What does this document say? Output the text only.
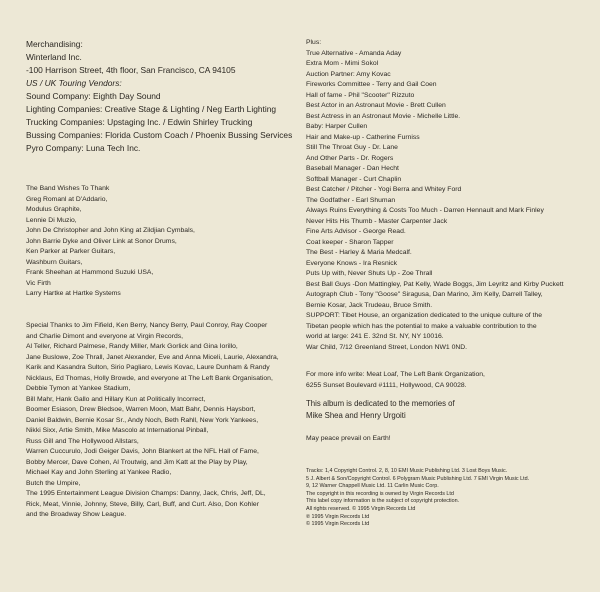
Merchandising:
Winterland Inc.
-100 Harrison Street, 4th floor, San Francisco, CA 94105
US / UK Touring Vendors:
Sound Company: Eighth Day Sound
Lighting Companies: Creative Stage & Lighting / Neg Earth Lighting
Trucking Companies: Upstaging Inc. / Edwin Shirley Trucking
Bussing Companies: Florida Custom Coach / Phoenix Bussing Services
Pyro Company: Luna Tech Inc.
The Band Wishes To Thank
Greg Romanl at D'Addario,
Modulus Graphite,
Lennie Di Muzio,
John De Christopher and John King at Zildjian Cymbals,
John Barrie Dyke and Oliver Link at Sonor Drums,
Ken Parker at Parker Guitars,
Washburn Guitars,
Frank Sheehan at Hammond Suzuki USA,
Vic Firth
Larry Hartke at Hartke Systems
Special Thanks to Jim Fifield, Ken Berry, Nancy Berry, Paul Conroy, Ray Cooper
and Charlie Dimont and everyone at Virgin Records,
Al Teller, Richard Palmese, Randy Miller, Mark Gorlick and Gina Iorillo,
Jane Buslowe, Zoe Thrall, Janet Alexander, Eve and Anna Miceli, Laurie, Alexandra,
Karik and Kasandra Sulton, Sirio Pagliaro, Lewis Kovac, Laure Dunham & Randy
Nicklaus, Ed Thomas, Holly Browde, and everyone at The Left Bank Organisation,
Debbie Tymon at Yankee Stadium,
Bill Mahr, Hank Gallo and Hillary Kun at Politically Incorrect,
Boomer Esiason, Drew Bledsoe, Warren Moon, Matt Bahr, Dennis Haysbort,
Daniel Baldwin, Bernie Kosar Sr., Andy Noch, Beth Rahll, New York Yankees,
Nikki Sixx, Artie Smith, Mike Mascolo at International Pinball,
Russ Gill and The Hollywood Allstars,
Warren Cuccurulo, Jodi Geiger Davis, John Blankert at the NFL Hall of Fame,
Bobby Mercer, Dave Cohen, Al Troutwig, and Jim Katt at the Play by Play,
Michael Kay and John Sterling at Yankee Radio,
Butch the Umpire,
The 1995 Entertainment League Division Champs: Danny, Jack, Chris, Jeff, DL,
Rick, Meat, Vinnie, Johnny, Steve, Billy, Carl, Buff, and Curt. Also, Don Kohler
and the Broadway Show League.
Plus:
True Alternative - Amanda Aday
Extra Mom - Mimi Sokol
Auction Partner: Amy Kovac
Fireworks Committee - Terry and Gail Coen
Hall of fame - Phil "Scooter" Rizzuto
Best Actor in an Astronaut Movie - Brett Cullen
Best Actress in an Astronaut Movie - Michelle Little.
Baby: Harper Cullen
Hair and Make-up - Catherine Furniss
Still The Throat Guy - Dr. Lane
And Other Parts - Dr. Rogers
Baseball Manager - Dan Hecht
Softball Manager - Curt Chaplin
Best Catcher / Pitcher - Yogi Berra and Whitey Ford
The Godfather - Earl Shuman
Always Ruins Everything & Costs Too Much - Darren Hennault and Mark Finley
Never Hits His Thumb - Master Carpenter Jack
Fine Arts Advisor - George Read.
Coat keeper - Sharon Tapper
The Best - Harley & Maria Medcalf.
Everyone Knows - Ira Resnick
Puts Up with, Never Shuts Up - Zoe Thrall
Best Ball Guys -Don Mattingley, Pat Kelly, Wade Boggs, Jim Leyritz and Kirby Puckett
Autograph Club - Tony "Goose" Siragusa, Dan Marino, Jim Kelly, Darrell Talley,
Bernie Kosar, Jack Trudeau, Bruce Smith.
SUPPORT: Tibet House, an organization dedicated to the unique culture of the
Tibetan people which has the potential to make a valuable contribution to the
world at large: 241 E. 32nd St. NY, NY 10016.
War Child, 7/12 Greenland Street, London NW1 0ND.
For more info write: Meat Loaf, The Left Bank Organization,
6255 Sunset Boulevard #1111, Hollywood, CA 90028.
This album is dedicated to the memories of
Mike Shea and Henry Urgoiti
May peace prevail on Earth!
Tracks: 1,4 Copyright Control. 2, 8, 10 EMI Music Publishing Ltd. 3 Lost Boys Music.
5 J. Albert & Son/Copyright Control. 6 Polygram Music Publishing Ltd. 7 EMI Virgin Music Ltd.
9, 12 Warner Chappell Music Ltd. 11 Carlin Music Corp.
The copyright in this recording is owned by Virgin Records Ltd
This label copy information is the subject of copyright protection.
All rights reserved. © 1995 Virgin Records Ltd
℗ 1995 Virgin Records Ltd
© 1995 Virgin Records Ltd
